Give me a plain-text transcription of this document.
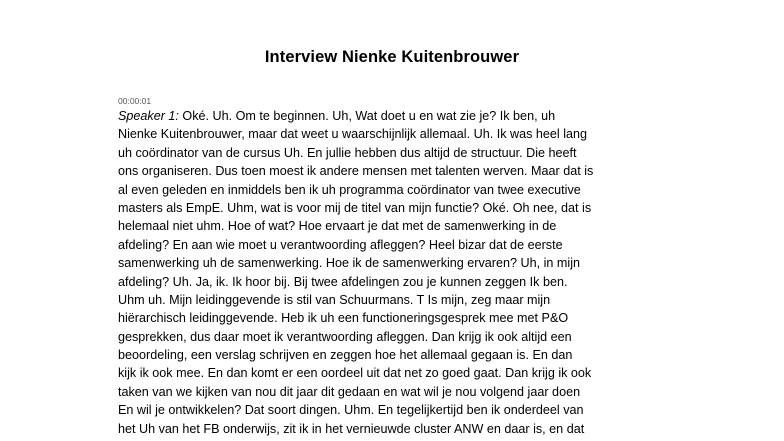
Interview Nienke Kuitenbrouwer
00:00:01
Speaker 1: Oké. Uh. Om te beginnen. Uh, Wat doet u en wat zie je? Ik ben, uh
Nienke Kuitenbrouwer, maar dat weet u waarschijnlijk allemaal. Uh. Ik was heel lang
uh coördinator van de cursus Uh. En jullie hebben dus altijd de structuur. Die heeft
ons organiseren. Dus toen moest ik andere mensen met talenten werven. Maar dat is
al even geleden en inmiddels ben ik uh programma coördinator van twee executive
masters als EmpE. Uhm, wat is voor mij de titel van mijn functie? Oké. Oh nee, dat is
helemaal niet uhm. Hoe of wat? Hoe ervaart je dat met de samenwerking in de
afdeling? En aan wie moet u verantwoording afleggen? Heel bizar dat de eerste
samenwerking uh de samenwerking. Hoe ik de samenwerking ervaren? Uh, in mijn
afdeling? Uh. Ja, ik. Ik hoor bij. Bij twee afdelingen zou je kunnen zeggen Ik ben.
Uhm uh. Mijn leidinggevende is stil van Schuurmans. T Is mijn, zeg maar mijn
hiërarchisch leidinggevende. Heb ik uh een functioneringsgesprek mee met P&O
gesprekken, dus daar moet ik verantwoording afleggen. Dan krijg ik ook altijd een
beoordeling, een verslag schrijven en zeggen hoe het allemaal gegaan is. En dan
kijk ik ook mee. En dan komt er een oordeel uit dat net zo goed gaat. Dan krijg ik ook
taken van we kijken van nou dit jaar dit gedaan en wat wil je nou volgend jaar doen
En wil je ontwikkelen? Dat soort dingen. Uhm. En tegelijkertijd ben ik onderdeel van
het Uh van het FB onderwijs, zit ik in het vernieuwde cluster ANW en daar is, en dat
